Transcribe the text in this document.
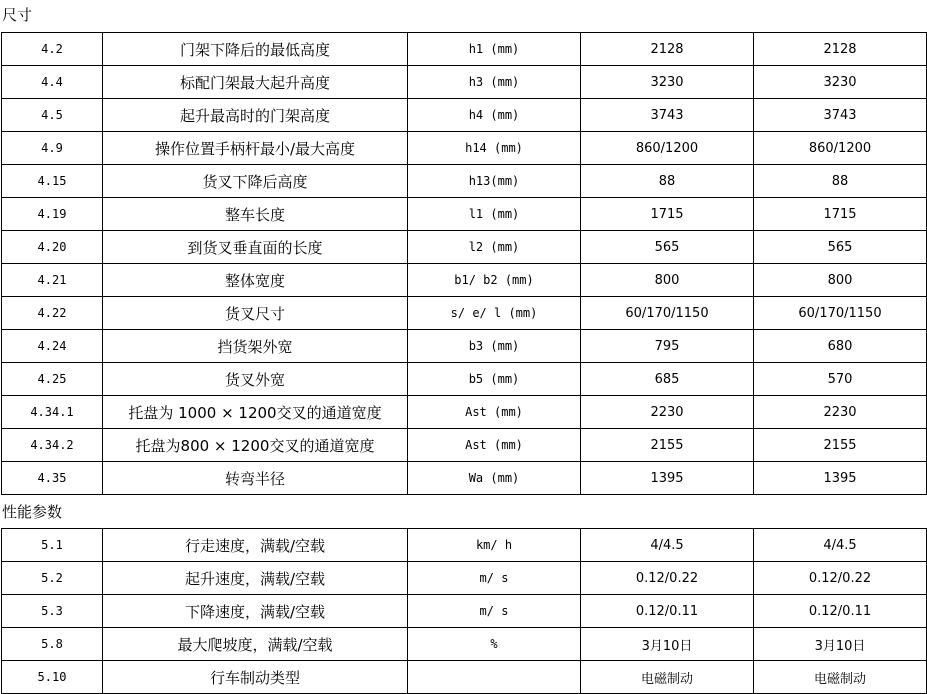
尺寸
4.2	门架下降后的最低高度	h1 (mm)	2128	2128
4.4	标配门架最大起升高度	h3 (mm)	3230	3230
4.5	起升最高时的门架高度	h4 (mm)	3743	3743
4.9	操作位置手柄杆最小/最大高度	h14 (mm)	860/1200	860/1200
4.15	货叉下降后高度	h13(mm)	88	88
4.19	整车长度	l1 (mm)	1715	1715
4.20	到货叉垂直面的长度	l2 (mm)	565	565
4.21	整体宽度	b1/ b2 (mm)	800	800
4.22	货叉尺寸	s/ e/ l (mm)	60/170/1150	60/170/1150
4.24	挡货架外宽	b3 (mm)	795	680
4.25	货叉外宽	b5 (mm)	685	570
4.34.1	托盘为 1000 × 1200交叉的通道宽度	Ast (mm)	2230	2230
4.34.2	托盘为800 × 1200交叉的通道宽度	Ast (mm)	2155	2155
4.35	转弯半径	Wa (mm)	1395	1395
性能参数
5.1	行走速度，满载/空载	km/ h	4/4.5	4/4.5
5.2	起升速度，满载/空载	m/ s	0.12/0.22	0.12/0.22
5.3	下降速度，满载/空载	m/ s	0.12/0.11	0.12/0.11
5.8	最大爬坡度，满载/空载	%	3月10日	3月10日
5.10	行车制动类型		电磁制动	电磁制动
